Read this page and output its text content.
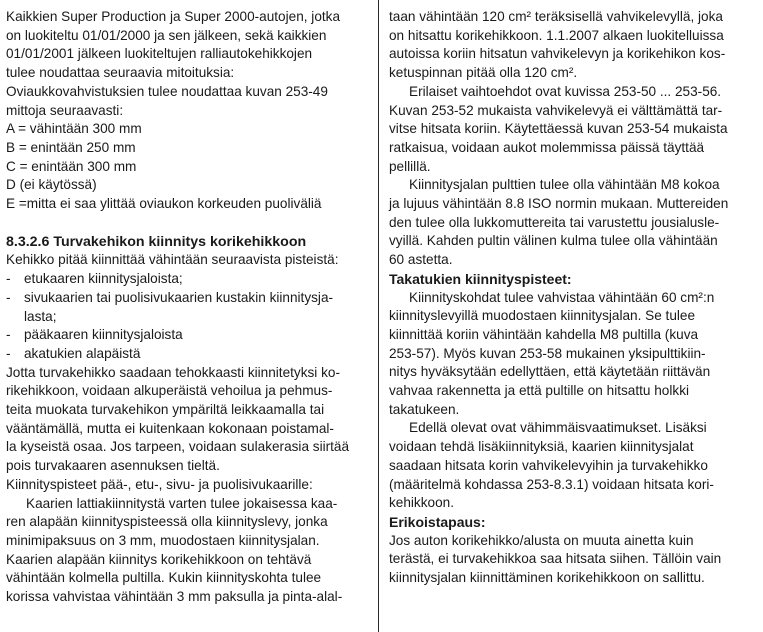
Kaikkien Super Production ja Super 2000-autojen, jotka
on luokiteltu 01/01/2000 ja sen jälkeen, sekä kaikkien
01/01/2001 jälkeen luokiteltujen ralliautokehikkojen
tulee noudattaa seuraavia mitoituksia:
Oviaukkovahvistuksien tulee noudattaa kuvan 253-49
mittoja seuraavasti:

A = vähintään 300 mm
B = enintään 250 mm
C = enintään 300 mm
D (ei käytössä)
E =mitta ei saa ylittää oviaukon korkeuden puoliväliä

8.3.2.6 Turvakehikon kiinnitys korikehikkoon

Kehikko pitää kiinnittää vähintään seuraavista pisteistä:

- etukaaren kiinnitysjaloista;
- sivukaarien tai puolisivukaarien kustakin kiinnitysja-
lasta;
- pääkaaren kiinnitysjaloista
- akatukien alapäistä

Jotta turvakehikko saadaan tehokkaasti kiinnitetyksi ko-
rikehikkoon, voidaan alkuperäistä vehoilua ja pehmus-
teita muokata turvakehikon ympäriltä leikkaamalla tai
vääntämällä, mutta ei kuitenkaan kokonaan poistamal-
la kyseistä osaa. Jos tarpeen, voidaan sulakerasia siirtää
pois turvakaaren asennuksen tieltä.

Kiinnityspisteet pää-, etu-, sivu- ja puolisivukaarille:

Kaarien lattiakiinnitystä varten tulee jokaisessa kaa-
ren alapään kiinnityspisteessä olla kiinnityslevy, jonka
minimipaksuus on 3 mm, muodostaen kiinnitysjalan.
Kaarien alapään kiinnitys korikehikkoon on tehtävä
vähintään kolmella pultilla. Kukin kiinnityskohta tulee
korissa vahvistaa vähintään 3 mm paksulla ja pinta-alal-

taan vähintään 120 cm² teräksisellä vahvikelevyllä, joka
on hitsattu korikehikkoon. 1.1.2007 alkaen luokitelluissa
autoissa koriin hitsatun vahvikelevyn ja korikehikon kos-
ketuspinnan pitää olla 120 cm².

Erilaiset vaihtoehdot ovat kuvissa 253-50 ... 253-56.
Kuvan 253-52 mukaista vahvikelevyä ei välttämättä tar-
vitse hitsata koriin. Käytettäessä kuvan 253-54 mukaista
ratkaisua, voidaan aukot molemmissa päissä täyttää
pellillä.

Kiinnitysjalan pulttien tulee olla vähintään M8 kokoa
ja lujuus vähintään 8.8 ISO normin mukaan. Muttereiden
den tulee olla lukkomuttereita tai varustettu jousialusle-
vyillä. Kahden pultin välinen kulma tulee olla vähintään
60 astetta.

Takatukien kiinnityspisteet:

Kiinnityskohdat tulee vahvistaa vähintään 60 cm²:n
kiinnityslevyillä muodostaen kiinnitysjalan. Se tulee
kiinnittää koriin vähintään kahdella M8 pultilla (kuva
253-57). Myös kuvan 253-58 mukainen yksipulttikiin-
nitys hyväksytään edellyttäen, että käytetään riittävän
vahvaa rakennetta ja että pultille on hitsattu holkki
takatukeen.

Edellä olevat ovat vähimmäisvaatimukset. Lisäksi
voidaan tehdä lisäkiinnityksiä, kaarien kiinnitysjalat
saadaan hitsata korin vahvikelevyihin ja turvakehikko
(määritelmä kohdassa 253-8.3.1) voidaan hitsata kori-
kehikkoon.

Erikoistapaus:

Jos auton korikehikko/alusta on muuta ainetta kuin
terästä, ei turvakehikkoa saa hitsata siihen. Tällöin vain
kiinnitysjalan kiinnittäminen korikehikkoon on sallittu.
